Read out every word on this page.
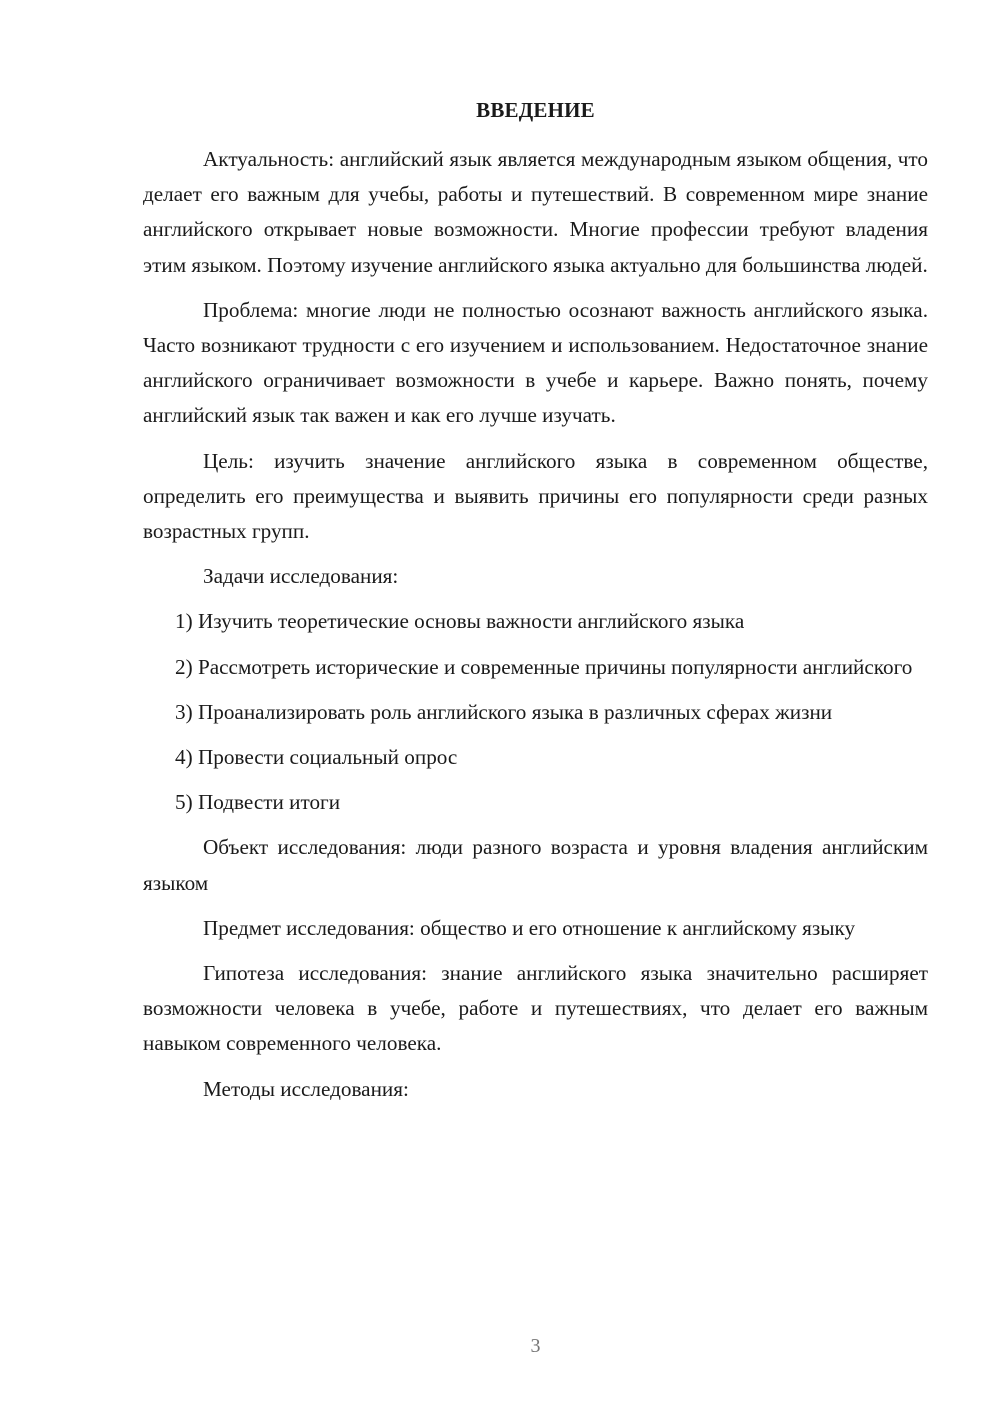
ВВЕДЕНИЕ

Актуальность: английский язык является международным языком общения, что делает его важным для учебы, работы и путешествий. В современном мире знание английского открывает новые возможности. Многие профессии требуют владения этим языком. Поэтому изучение английского языка актуально для большинства людей.

Проблема: многие люди не полностью осознают важность английского языка. Часто возникают трудности с его изучением и использованием. Недостаточное знание английского ограничивает возможности в учебе и карьере. Важно понять, почему английский язык так важен и как его лучше изучать.

Цель: изучить значение английского языка в современном обществе, определить его преимущества и выявить причины его популярности среди разных возрастных групп.

Задачи исследования:

1) Изучить теоретические основы важности английского языка

2) Рассмотреть исторические и современные причины популярности английского

3) Проанализировать роль английского языка в различных сферах жизни

4) Провести социальный опрос

5) Подвести итоги

Объект исследования: люди разного возраста и уровня владения английским языком

Предмет исследования: общество и его отношение к английскому языку

Гипотеза исследования: знание английского языка значительно расширяет возможности человека в учебе, работе и путешествиях, что делает его важным навыком современного человека.

Методы исследования:

3
